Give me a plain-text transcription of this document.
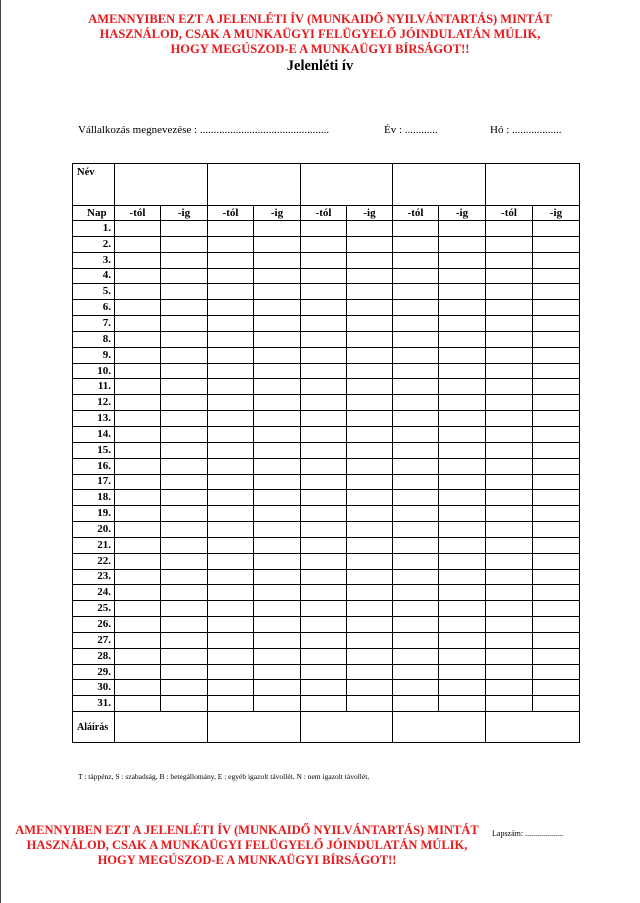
AMENNYIBEN EZT A JELENLÉTI ÍV (MUNKAIDŐ NYILVÁNTARTÁS) MINTÁT
HASZNÁLOD, CSAK A MUNKAÜGYI FELÜGYELŐ JÓINDULATÁN MÚLIK,
HOGY MEGÚSZOD-E A MUNKAÜGYI BÍRSÁGOT!!
Jelenléti ív
Vállalkozás megnevezése : ...............................................	Év : ............	Hó : ..................
Név										
Nap	-tól	-ig	-tól	-ig	-tól	-ig	-tól	-ig	-tól	-ig
1.										
2.										
3.										
4.										
5.										
6.										
7.										
8.										
9.										
10.										
11.										
12.										
13.										
14.										
15.										
16.										
17.										
18.										
19.										
20.										
21.										
22.										
23.										
24.										
25.										
26.										
27.										
28.										
29.										
30.										
31.										
Aláírás										
T : táppénz, S : szabadság, B : betegállomány, E : egyéb igazolt távollét, N : nem igazolt távollét,
AMENNYIBEN EZT A JELENLÉTI ÍV (MUNKAIDŐ NYILVÁNTARTÁS) MINTÁT
HASZNÁLOD, CSAK A MUNKAÜGYI FELÜGYELŐ JÓINDULATÁN MÚLIK,
HOGY MEGÚSZOD-E A MUNKAÜGYI BÍRSÁGOT!!
Lapszám: ...................
